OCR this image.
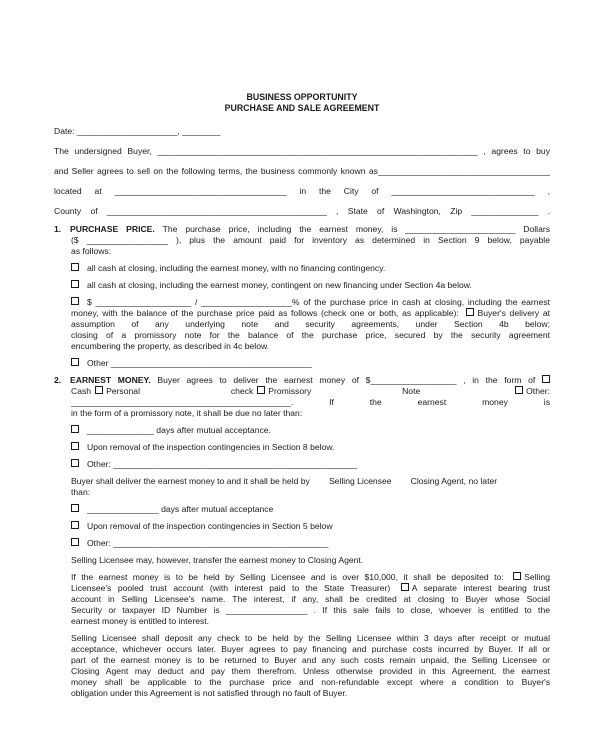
BUSINESS OPPORTUNITY

PURCHASE AND SALE AGREEMENT

Date: _____________________, ________

The undersigned Buyer, ___________________________________________________________________ , agrees to buy

and Seller agrees to sell on the following terms, the business commonly known as____________________________________

located at ____________________________________ in the City of ______________________________ ,

County of ______________________________________________ , State of Washington, Zip ______________ .

1. PURCHASE PRICE. The purchase price, including the earnest money, is _______________________ Dollars

($ _________________ ), plus the amount paid for inventory as determined in Section 9 below, payable

as follows:

all cash at closing, including the earnest money, with no financing contingency.

all cash at closing, including the earnest money, contingent on new financing under Section 4a below.

$ ____________________ / ___________________% of the purchase price in cash at closing, including the earnest

money, with the balance of the purchase price paid as follows (check one or both, as applicable): Buyer's delivery at

assumption of any underlying note and security agreements, under Section 4b below;

closing of a promissory note for the balance of the purchase price, secured by the security agreement

encumbering the property, as described in 4c below.

Other __________________________________________

2. EARNEST MONEY. Buyer agrees to deliver the earnest money of $__________________ , in the form of

Cash Personal check Promissory Note	Other:

______________________________________________. If the earnest money is

in the form of a promissory note, it shall be due no later than:

______________ days after mutual acceptance.

Upon removal of the inspection contingencies in Section 8 below.

Other: ___________________________________________________

Buyer shall deliver the earnest money to and it shall be held by        Selling Licensee        Closing Agent, no later

than:

_______________ days after mutual acceptance

Upon removal of the inspection contingencies in Section 5 below

Other: _____________________________________________

Selling Licensee may, however, transfer the earnest money to Closing Agent.

If the earnest money is to be held by Selling Licensee and is over $10,000, it shall be deposited to: Selling

Licensee's pooled trust account (with interest paid to the State Treasurer)	A separate interest bearing trust

account in Selling Licensee's name. The interest, if any, shall be credited at closing to Buyer whose Social

Security or taxpayer ID Number is _________________ . If this sale fails to close, whoever is entitled to the

earnest money is entitled to interest.

Selling Licensee shall deposit any check to be held by the Selling Licensee within 3 days after receipt or mutual

acceptance, whichever occurs later. Buyer agrees to pay financing and purchase costs incurred by Buyer. If all or

part of the earnest money is to be returned to Buyer and any such costs remain unpaid, the Selling Licensee or

Closing Agent may deduct and pay them therefrom. Unless otherwise provided in this Agreement, the earnest

money shall be applicable to the purchase price and non-refundable except where a condition to Buyer's

obligation under this Agreement is not satisfied through no fault of Buyer.
